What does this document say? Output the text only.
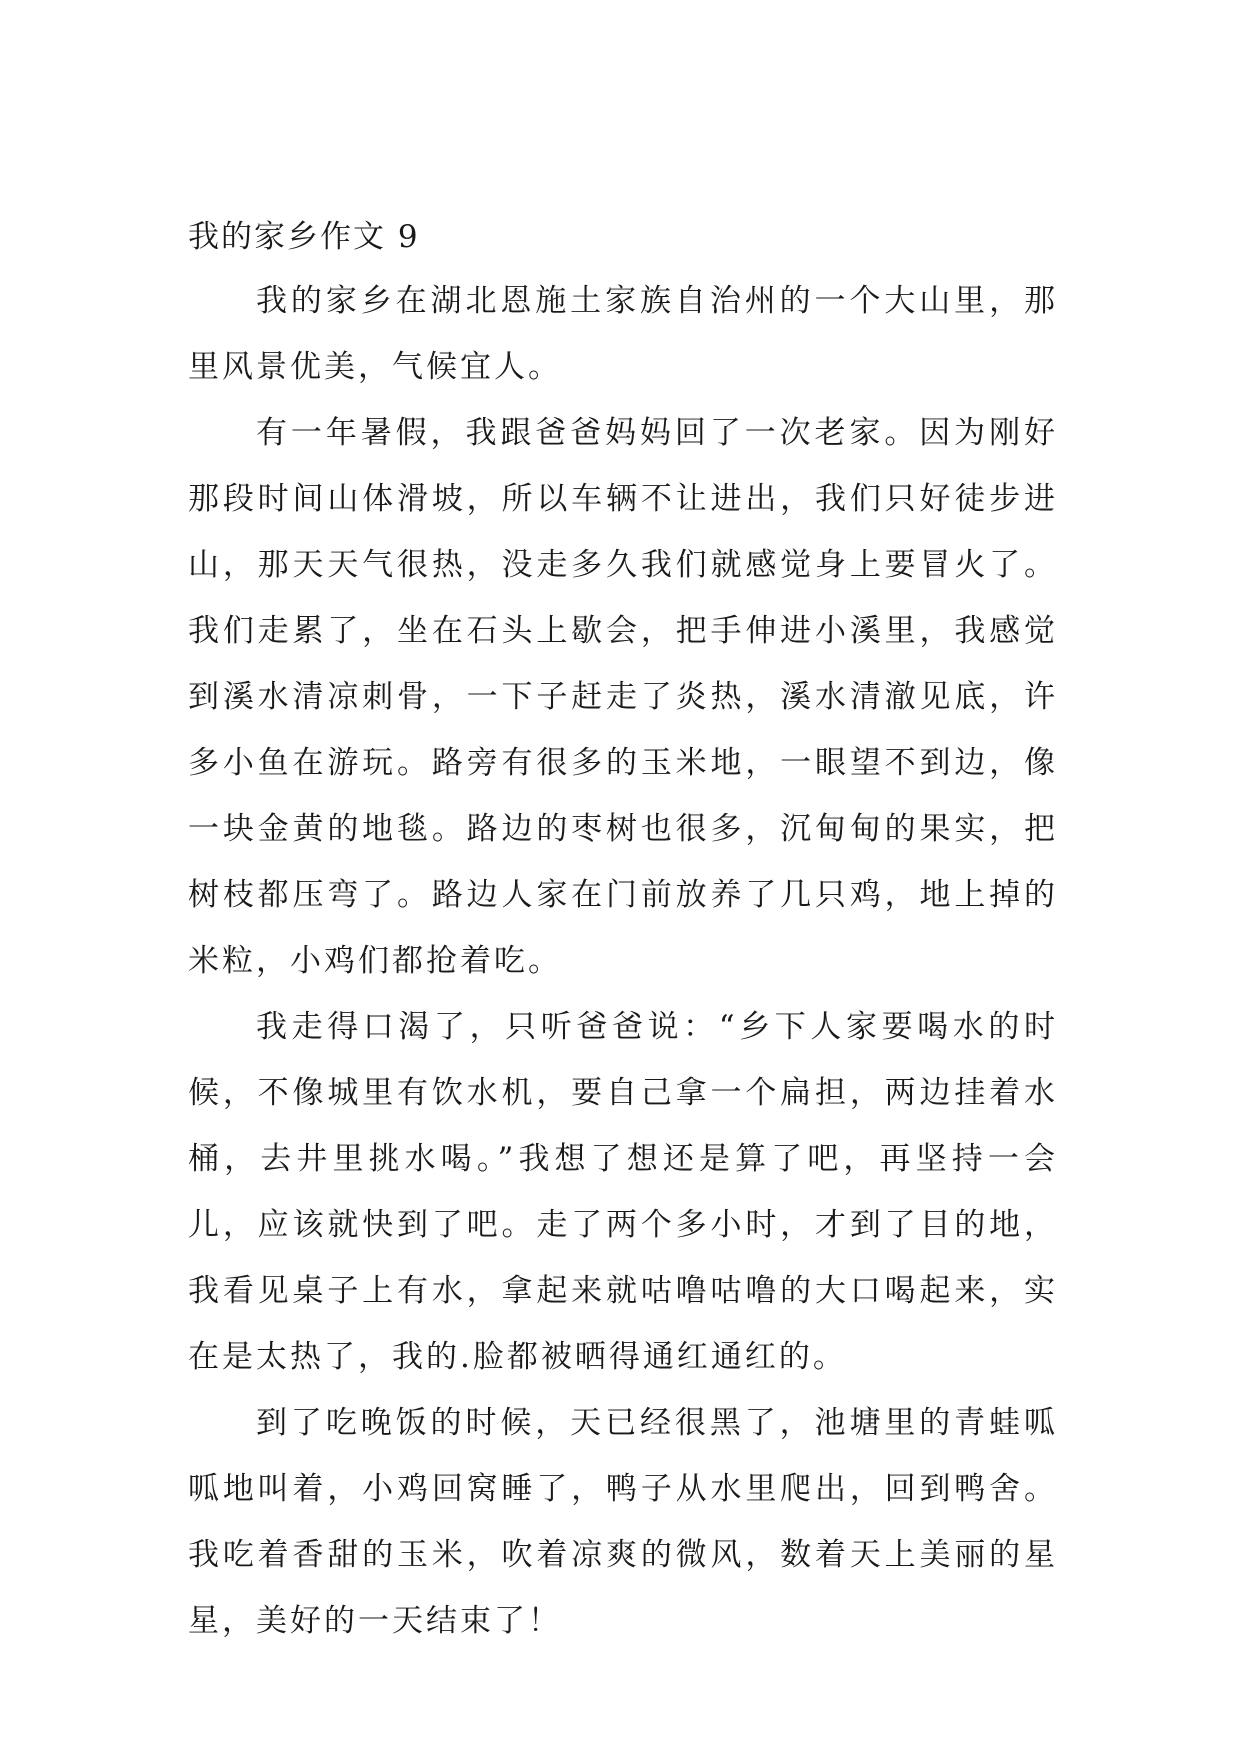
我的家乡作文 9

我的家乡在湖北恩施土家族自治州的一个大山里，那里风景优美，气候宜人。

有一年暑假，我跟爸爸妈妈回了一次老家。因为刚好那段时间山体滑坡，所以车辆不让进出，我们只好徒步进山，那天天气很热，没走多久我们就感觉身上要冒火了。我们走累了，坐在石头上歇会，把手伸进小溪里，我感觉到溪水清凉刺骨，一下子赶走了炎热，溪水清澈见底，许多小鱼在游玩。路旁有很多的玉米地，一眼望不到边，像一块金黄的地毯。路边的枣树也很多，沉甸甸的果实，把树枝都压弯了。路边人家在门前放养了几只鸡，地上掉的米粒，小鸡们都抢着吃。

我走得口渴了，只听爸爸说：“乡下人家要喝水的时候，不像城里有饮水机，要自己拿一个扁担，两边挂着水桶，去井里挑水喝。”我想了想还是算了吧，再坚持一会儿，应该就快到了吧。走了两个多小时，才到了目的地，我看见桌子上有水，拿起来就咕噜咕噜的大口喝起来，实在是太热了，我的.脸都被晒得通红通红的。

到了吃晚饭的时候，天已经很黑了，池塘里的青蛙呱呱地叫着，小鸡回窝睡了，鸭子从水里爬出，回到鸭舍。我吃着香甜的玉米，吹着凉爽的微风，数着天上美丽的星星，美好的一天结束了！
